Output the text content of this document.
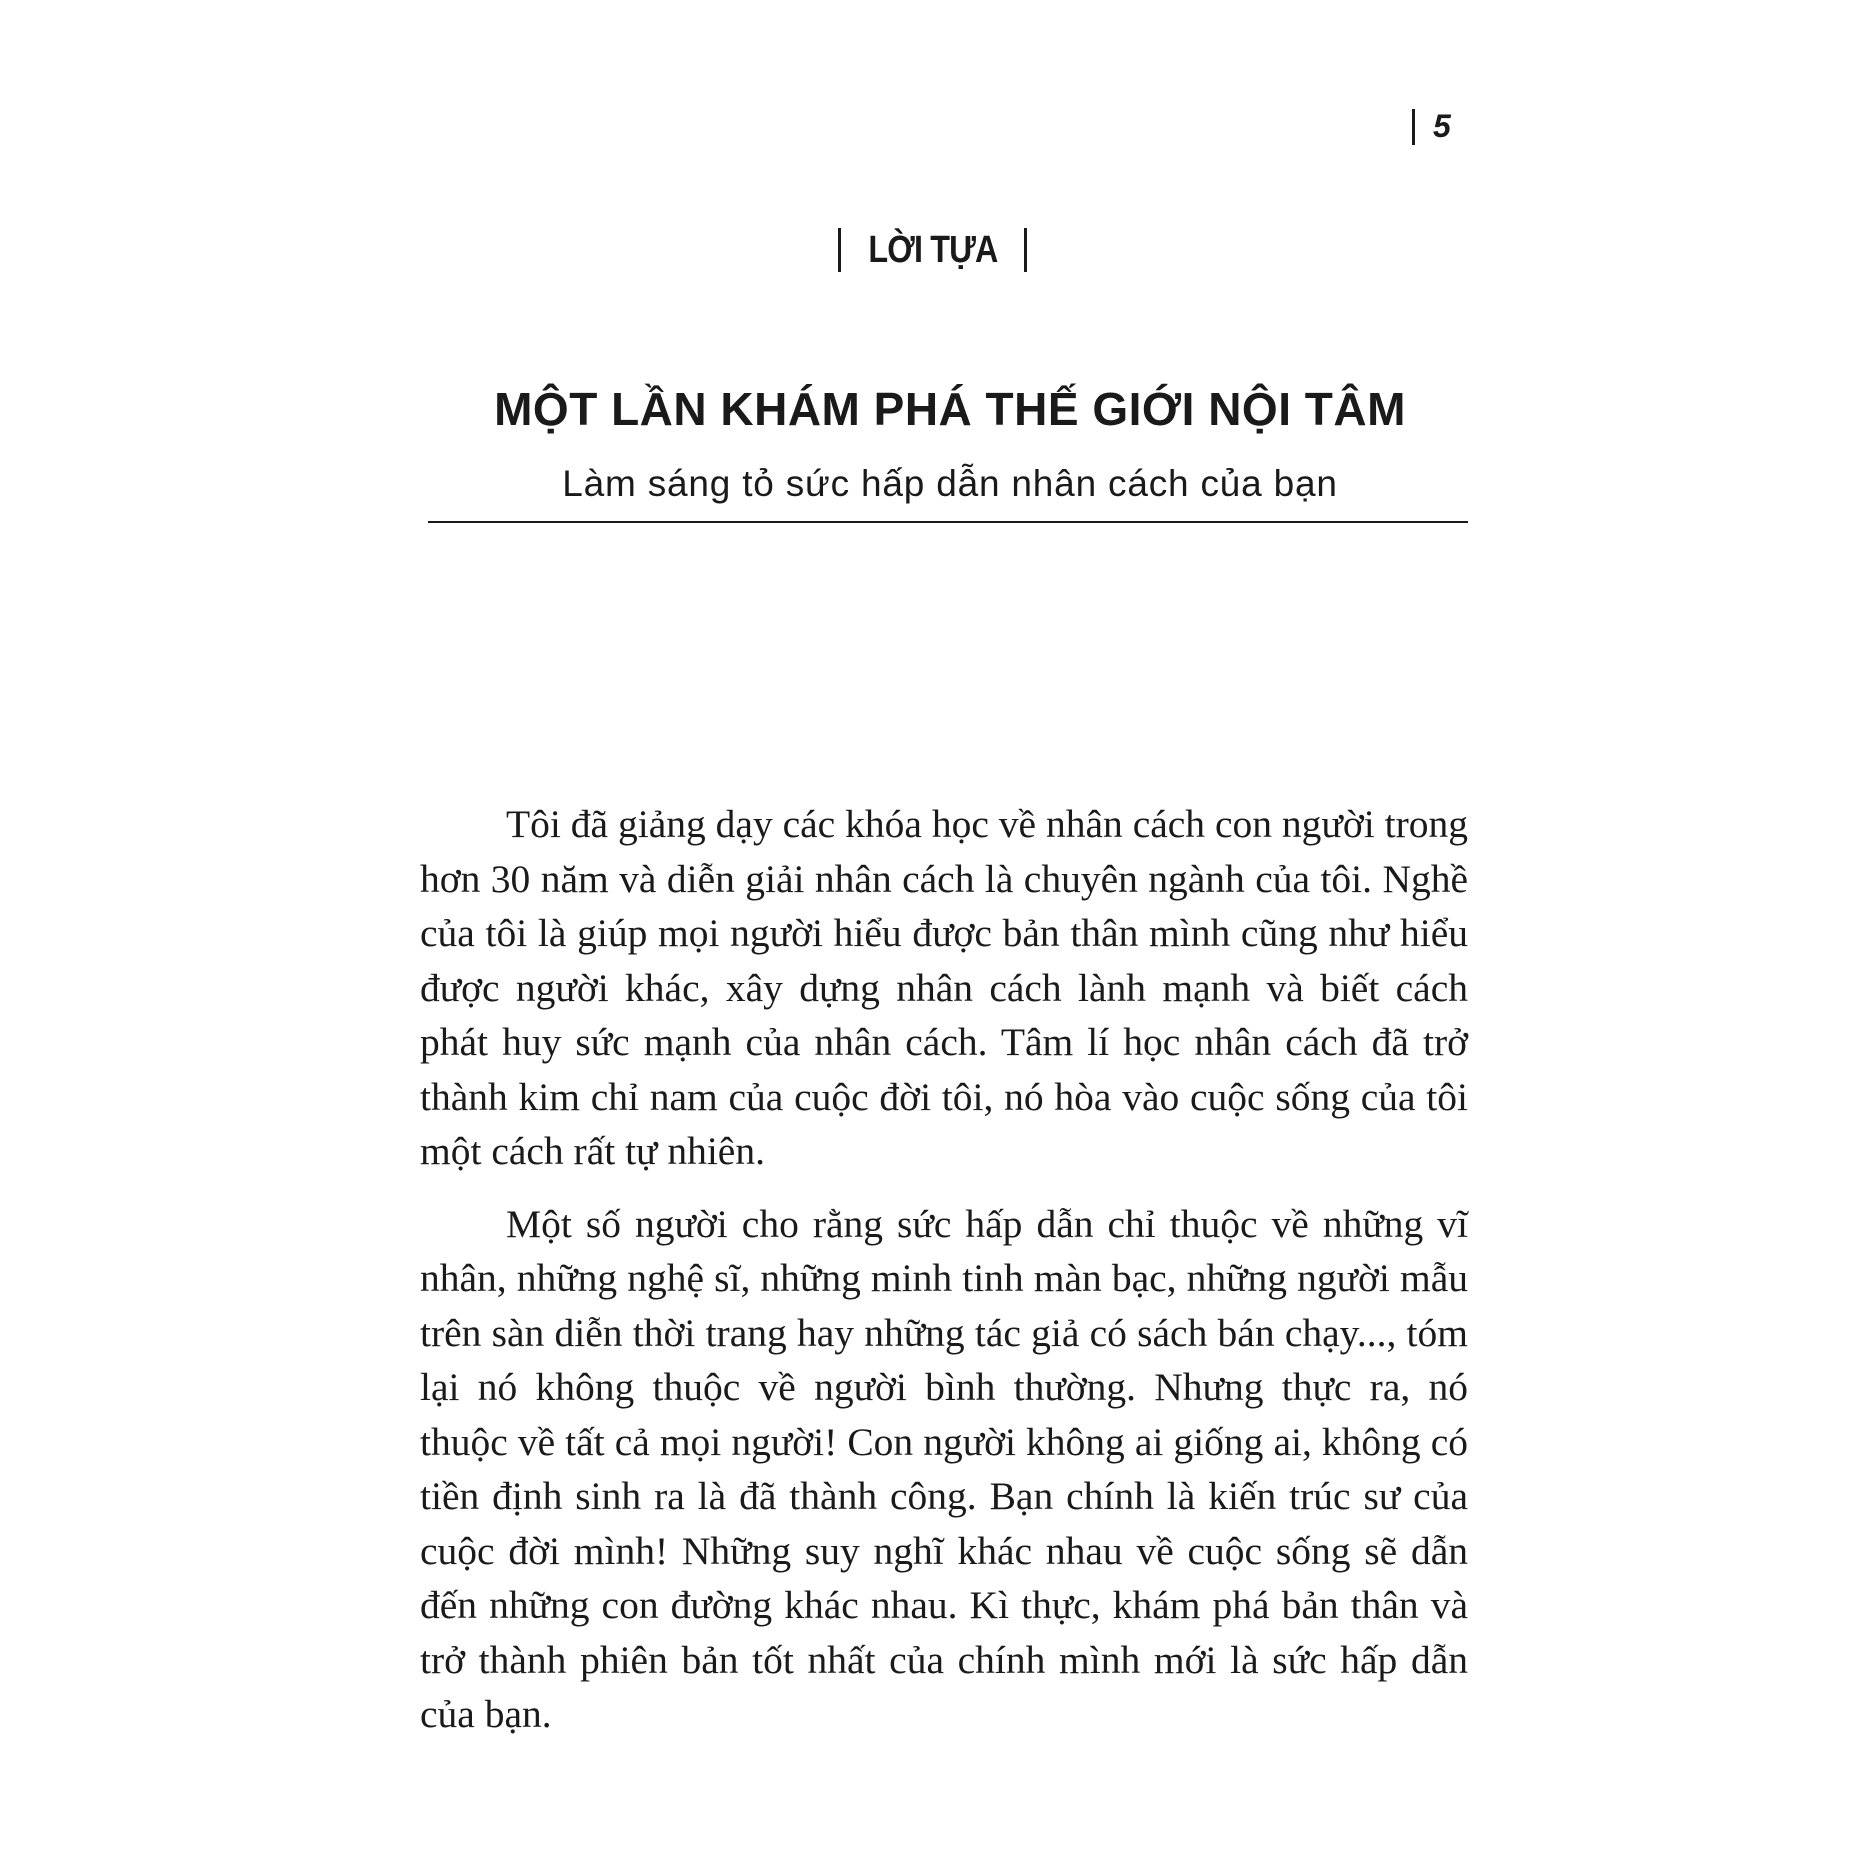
5
LỜI TỰA
MỘT LẦN KHÁM PHÁ THẾ GIỚI NỘI TÂM
Làm sáng tỏ sức hấp dẫn nhân cách của bạn

Tôi đã giảng dạy các khóa học về nhân cách con người trong hơn 30 năm và diễn giải nhân cách là chuyên ngành của tôi. Nghề của tôi là giúp mọi người hiểu được bản thân mình cũng như hiểu được người khác, xây dựng nhân cách lành mạnh và biết cách phát huy sức mạnh của nhân cách. Tâm lí học nhân cách đã trở thành kim chỉ nam của cuộc đời tôi, nó hòa vào cuộc sống của tôi một cách rất tự nhiên.

Một số người cho rằng sức hấp dẫn chỉ thuộc về những vĩ nhân, những nghệ sĩ, những minh tinh màn bạc, những người mẫu trên sàn diễn thời trang hay những tác giả có sách bán chạy..., tóm lại nó không thuộc về người bình thường. Nhưng thực ra, nó thuộc về tất cả mọi người! Con người không ai giống ai, không có tiền định sinh ra là đã thành công. Bạn chính là kiến trúc sư của cuộc đời mình! Những suy nghĩ khác nhau về cuộc sống sẽ dẫn đến những con đường khác nhau. Kì thực, khám phá bản thân và trở thành phiên bản tốt nhất của chính mình mới là sức hấp dẫn của bạn.
